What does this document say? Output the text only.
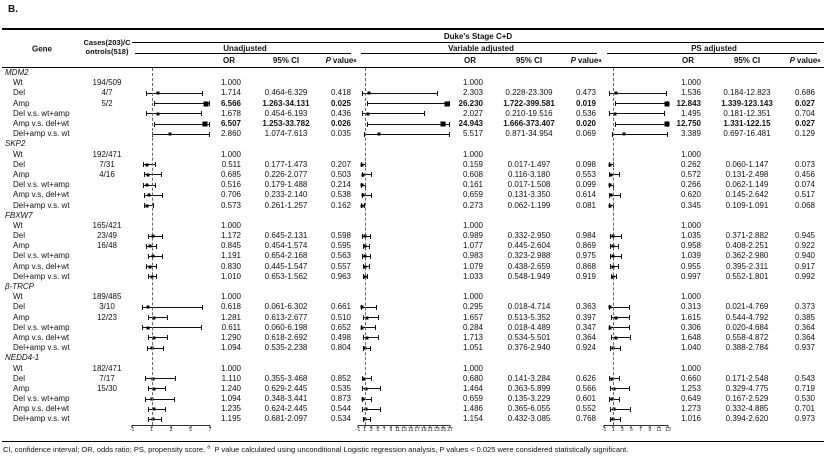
B.
Gene
Cases(203)/C
ontrols(518)
Duke's Stage C+D
Unadjusted	Variable adjusted	PS adjusted
OR	95% CI	P value a	OR	95% CI	P value a	OR	95% CI	P value a
MDM2
Wt	194/509	1.000	1.000	1.000
Del	4/7	1.714	0.464-6.329	0.418	2.303	0.228-23.309	0.473	1.536	0.184-12.823	0.686
Amp	5/2	6.566	1.263-34.131	0.025	26.230	1.722-399.581	0.019	12.843	1.339-123.143	0.027
Del v.s. wt+amp	1.678	0.454-6.193	0.436	2.027	0.210-19.516	0.536	1.495	0.181-12.351	0.704
Amp v.s. del+wt	6.507	1.253-33.782	0.026	24.943	1.666-373.407	0.020	12.750	1.331-122.15	0.027
Del+amp v.s. wt	2.860	1.074-7.613	0.035	5.517	0.871-34.954	0.069	3.389	0.697-16.481	0.129
SKP2
Wt	192/471	1.000	1.000	1.000
Del	7/31	0.511	0.177-1.473	0.207	0.159	0.017-1.497	0.098	0.262	0.060-1.147	0.073
Amp	4/16	0.685	0.226-2.077	0.503	0.608	0.116-3.180	0.553	0.572	0.131-2.498	0.456
Del v.s. wt+amp	0.516	0.179-1.488	0.214	0.161	0.017-1.508	0.099	0.266	0.062-1.149	0.074
Amp v.s. del+wt	0.706	0.233-2.140	0.538	0.659	0.131-3.350	0.614	0.620	0.145-2.642	0.517
Del+amp v.s. wt	0.573	0.261-1.257	0.162	0.273	0.062-1.199	0.081	0.345	0.109-1.091	0.068
FBXW7
Wt	165/421	1.000	1.000	1.000
Del	23/49	1.172	0.645-2.131	0.598	0.989	0.332-2.950	0.984	1.035	0.371-2.882	0.945
Amp	16/48	0.845	0.454-1.574	0.595	1.077	0.445-2.604	0.869	0.958	0.408-2.251	0.922
Del v.s. wt+amp	1.191	0.654-2.168	0.563	0.983	0.323-2.988	0.975	1.039	0.362-2.980	0.940
Amp v.s. del+wt	0.830	0.445-1.547	0.557	1.079	0.438-2.659	0.868	0.955	0.395-2.311	0.917
Del+amp v.s. wt	1.010	0.653-1.562	0.963	1.033	0.548-1.949	0.919	0.997	0.552-1.801	0.992
β-TRCP
Wt	189/485	1.000	1.000	1.000
Del	3/10	0.618	0.061-6.302	0.661	0.295	0.018-4.714	0.363	0.313	0.021-4.769	0.373
Amp	12/23	1.281	0.613-2.677	0.510	1.657	0.513-5.352	0.397	1.615	0.544-4.792	0.385
Del v.s. wt+amp	0.611	0.060-6.198	0.652	0.284	0.018-4.489	0.347	0.306	0.020-4.684	0.364
Amp v.s. del+wt	1.290	0.618-2.692	0.498	1.713	0.534-5.501	0.364	1.648	0.558-4.872	0.364
Del+amp v.s. wt	1.094	0.535-2.238	0.804	1.051	0.376-2.940	0.924	1.040	0.388-2.784	0.937
NEDD4-1
Wt	182/471	1.000	1.000	1.000
Del	7/17	1.110	0.355-3.468	0.852	0.680	0.141-3.284	0.626	0.660	0.171-2.548	0.543
Amp	15/30	1.240	0.629-2.445	0.535	1.464	0.363-5.899	0.566	1.253	0.329-4.775	0.719
Del v.s. wt+amp	1.094	0.348-3.441	0.873	0.659	0.135-3.229	0.601	0.649	0.167-2.529	0.530
Amp v.s. del+wt	1.235	0.624-2.445	0.544	1.486	0.365-6.055	0.552	1.273	0.332-4.885	0.701
Del+amp v.s. wt	1.195	0.681-2.097	0.534	1.154	0.432-3.085	0.768	1.016	0.394-2.620	0.973
-1	1	3	5	7	-1 1 3 5 7 9 11 13 15 17 19 21 23 25 27	-1 1 3 5 7 9 11 13
CI, confidence interval; OR, odds ratio; PS, propensity score. $^a$ P value calculated using unconditional Logistic regression analysis, P values < 0.025 were considered statistically significant.
